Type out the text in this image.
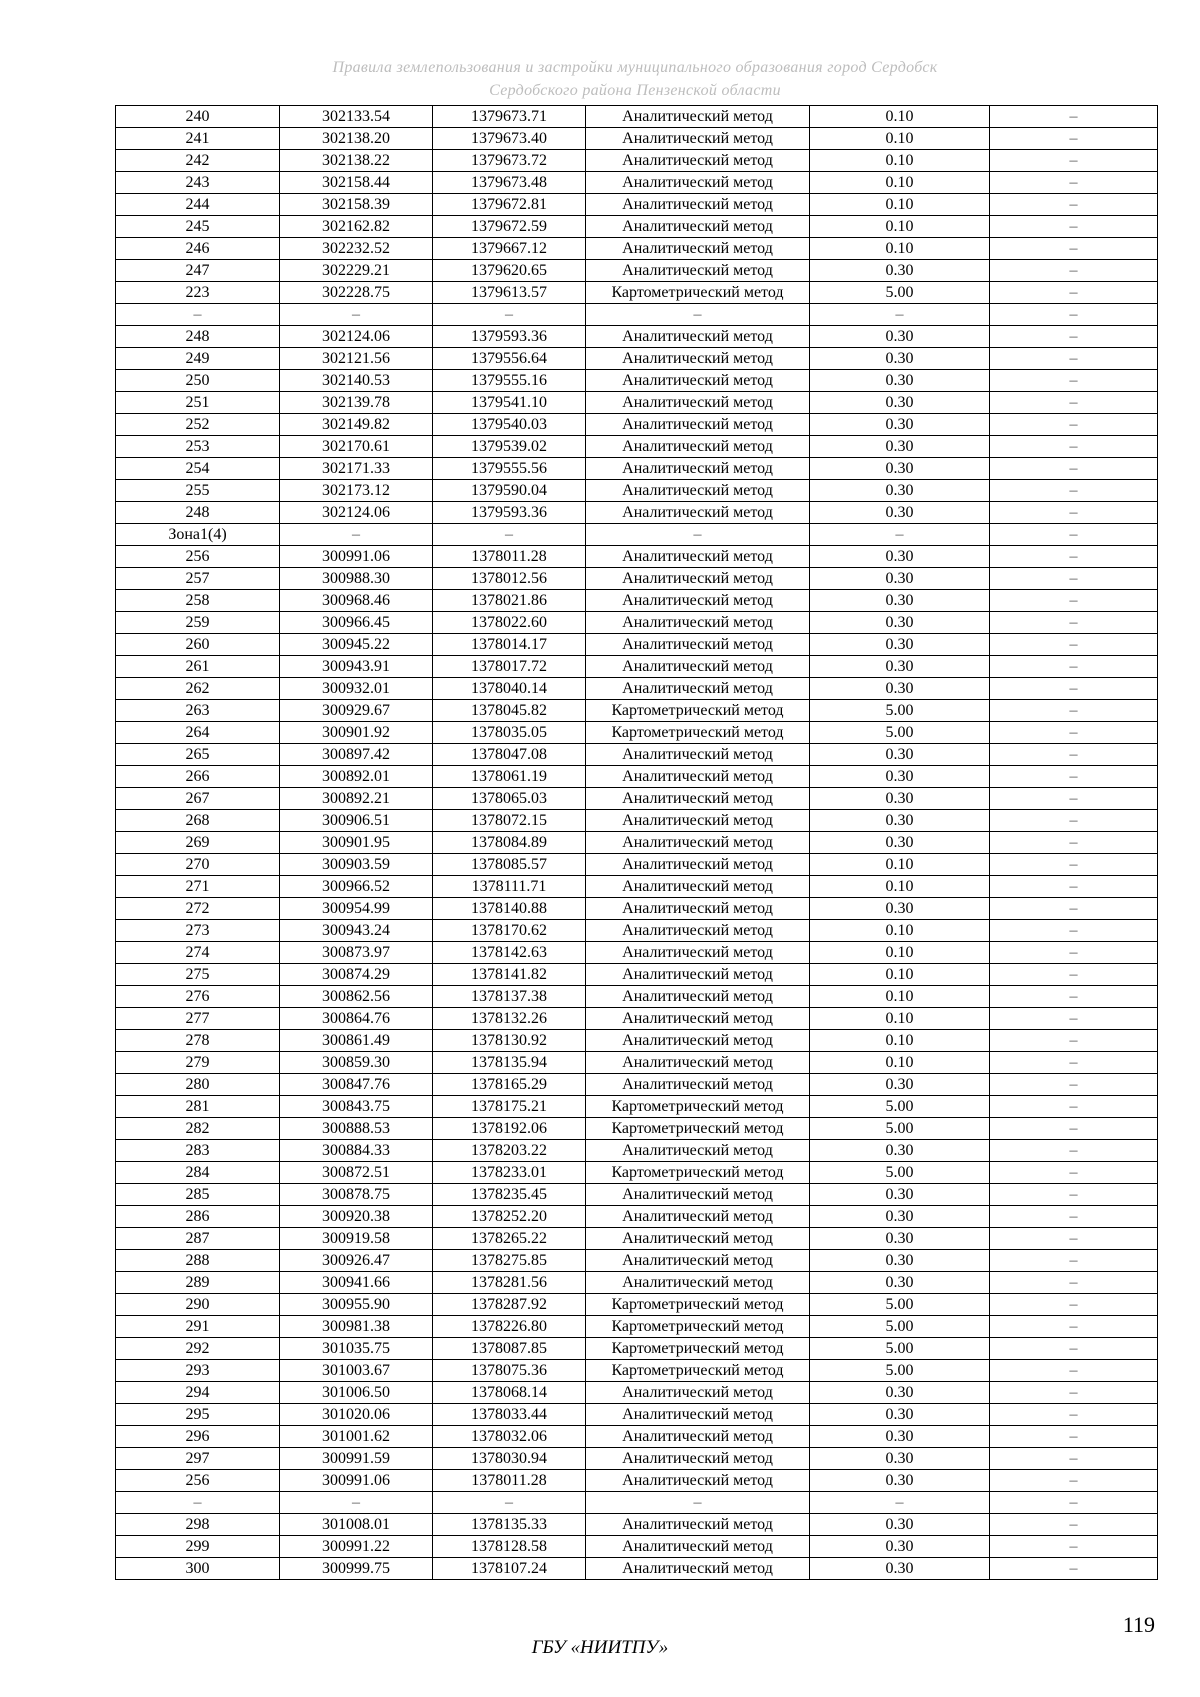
Правила землепользования и застройки муниципального образования город Сердобск
Сердобского района Пензенской области
240	302133.54	1379673.71	Аналитический метод	0.10	–
241	302138.20	1379673.40	Аналитический метод	0.10	–
242	302138.22	1379673.72	Аналитический метод	0.10	–
243	302158.44	1379673.48	Аналитический метод	0.10	–
244	302158.39	1379672.81	Аналитический метод	0.10	–
245	302162.82	1379672.59	Аналитический метод	0.10	–
246	302232.52	1379667.12	Аналитический метод	0.10	–
247	302229.21	1379620.65	Аналитический метод	0.30	–
223	302228.75	1379613.57	Картометрический метод	5.00	–
–	–	–	–	–	–
248	302124.06	1379593.36	Аналитический метод	0.30	–
249	302121.56	1379556.64	Аналитический метод	0.30	–
250	302140.53	1379555.16	Аналитический метод	0.30	–
251	302139.78	1379541.10	Аналитический метод	0.30	–
252	302149.82	1379540.03	Аналитический метод	0.30	–
253	302170.61	1379539.02	Аналитический метод	0.30	–
254	302171.33	1379555.56	Аналитический метод	0.30	–
255	302173.12	1379590.04	Аналитический метод	0.30	–
248	302124.06	1379593.36	Аналитический метод	0.30	–
Зона1(4)	–	–	–	–	–
256	300991.06	1378011.28	Аналитический метод	0.30	–
257	300988.30	1378012.56	Аналитический метод	0.30	–
258	300968.46	1378021.86	Аналитический метод	0.30	–
259	300966.45	1378022.60	Аналитический метод	0.30	–
260	300945.22	1378014.17	Аналитический метод	0.30	–
261	300943.91	1378017.72	Аналитический метод	0.30	–
262	300932.01	1378040.14	Аналитический метод	0.30	–
263	300929.67	1378045.82	Картометрический метод	5.00	–
264	300901.92	1378035.05	Картометрический метод	5.00	–
265	300897.42	1378047.08	Аналитический метод	0.30	–
266	300892.01	1378061.19	Аналитический метод	0.30	–
267	300892.21	1378065.03	Аналитический метод	0.30	–
268	300906.51	1378072.15	Аналитический метод	0.30	–
269	300901.95	1378084.89	Аналитический метод	0.30	–
270	300903.59	1378085.57	Аналитический метод	0.10	–
271	300966.52	1378111.71	Аналитический метод	0.10	–
272	300954.99	1378140.88	Аналитический метод	0.30	–
273	300943.24	1378170.62	Аналитический метод	0.10	–
274	300873.97	1378142.63	Аналитический метод	0.10	–
275	300874.29	1378141.82	Аналитический метод	0.10	–
276	300862.56	1378137.38	Аналитический метод	0.10	–
277	300864.76	1378132.26	Аналитический метод	0.10	–
278	300861.49	1378130.92	Аналитический метод	0.10	–
279	300859.30	1378135.94	Аналитический метод	0.10	–
280	300847.76	1378165.29	Аналитический метод	0.30	–
281	300843.75	1378175.21	Картометрический метод	5.00	–
282	300888.53	1378192.06	Картометрический метод	5.00	–
283	300884.33	1378203.22	Аналитический метод	0.30	–
284	300872.51	1378233.01	Картометрический метод	5.00	–
285	300878.75	1378235.45	Аналитический метод	0.30	–
286	300920.38	1378252.20	Аналитический метод	0.30	–
287	300919.58	1378265.22	Аналитический метод	0.30	–
288	300926.47	1378275.85	Аналитический метод	0.30	–
289	300941.66	1378281.56	Аналитический метод	0.30	–
290	300955.90	1378287.92	Картометрический метод	5.00	–
291	300981.38	1378226.80	Картометрический метод	5.00	–
292	301035.75	1378087.85	Картометрический метод	5.00	–
293	301003.67	1378075.36	Картометрический метод	5.00	–
294	301006.50	1378068.14	Аналитический метод	0.30	–
295	301020.06	1378033.44	Аналитический метод	0.30	–
296	301001.62	1378032.06	Аналитический метод	0.30	–
297	300991.59	1378030.94	Аналитический метод	0.30	–
256	300991.06	1378011.28	Аналитический метод	0.30	–
–	–	–	–	–	–
298	301008.01	1378135.33	Аналитический метод	0.30	–
299	300991.22	1378128.58	Аналитический метод	0.30	–
300	300999.75	1378107.24	Аналитический метод	0.30	–
119
ГБУ «НИИТПУ»
